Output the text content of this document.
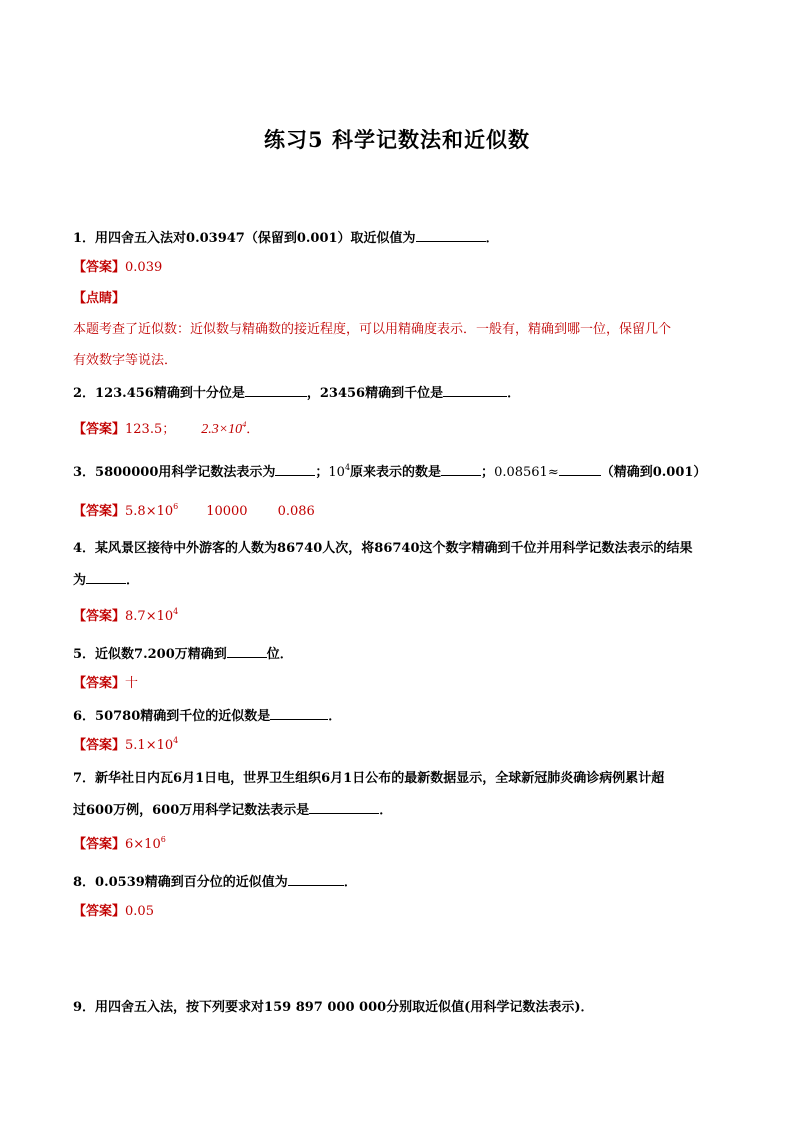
练习5 科学记数法和近似数
1．用四舍五入法对0.03947（保留到0.001）取近似值为	．
【答案】0.039
【点睛】
本题考查了近似数：近似数与精确数的接近程度，可以用精确度表示．一般有，精确到哪一位，保留几个
有效数字等说法．
2．123.456精确到十分位是	，23456精确到千位是	．
【答案】123.5； $2.3\times 10^4$．
3．5800000用科学记数法表示为	；$10^4$原来表示的数是	；0.08561≈	（精确到0.001）
【答案】$5.8\times 10^6$ 10000 0.086
4．某风景区接待中外游客的人数为86740人次，将86740这个数字精确到千位并用科学记数法表示的结果
为	．
【答案】$8.7\times 10^4$
5．近似数7.200万精确到	位．
【答案】十
6．50780精确到千位的近似数是	．
【答案】$5.1\times 10^4$
7．新华社日内瓦6月1日电，世界卫生组织6月1日公布的最新数据显示，全球新冠肺炎确诊病例累计超
过600万例，600万用科学记数法表示是	．
【答案】$6\times 10^6$
8．0.0539精确到百分位的近似值为	．
【答案】0.05
9．用四舍五入法，按下列要求对159 897 000 000分别取近似值(用科学记数法表示)．
